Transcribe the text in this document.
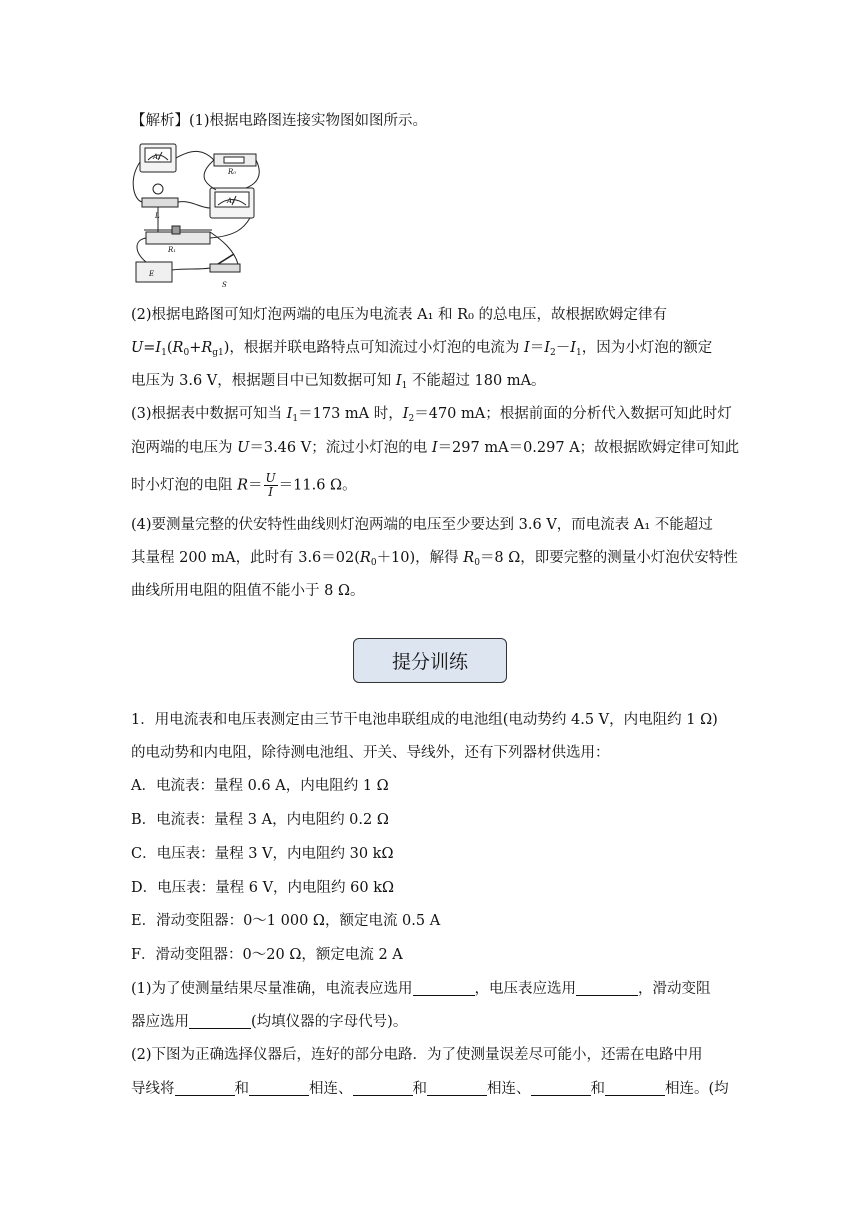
【解析】(1)根据电路图连接实物图如图所示。
A₁
R₀
A₂
L
R₁
E
S
(2)根据电路图可知灯泡两端的电压为电流表 A₁ 和 R₀ 的总电压，故根据欧姆定律有
$U=I_1(R_0+R_{g1})$，根据并联电路特点可知流过小灯泡的电流为 $I=I_2-I_1$，因为小灯泡的额定
电压为 3.6 V，根据题目中已知数据可知 $I_1$ 不能超过 180 mA。
(3)根据表中数据可知当 $I_1=173$ mA 时，$I_2=470$ mA；根据前面的分析代入数据可知此时灯
泡两端的电压为 U＝3.46 V；流过小灯泡的电 I＝297 mA＝0.297 A；故根据欧姆定律可知此
时小灯泡的电阻 $R= \frac{U}{I} =11.6$ Ω。
(4)要测量完整的伏安特性曲线则灯泡两端的电压至少要达到 3.6 V，而电流表 A₁ 不能超过
其量程 200 mA，此时有 $3.6=02(R_0+10)$，解得 $R_0=8$ Ω，即要完整的测量小灯泡伏安特性
曲线所用电阻的阻值不能小于 8 Ω。
提分训练
1．用电流表和电压表测定由三节干电池串联组成的电池组(电动势约 4.5 V，内电阻约 1 Ω)
的电动势和内电阻，除待测电池组、开关、导线外，还有下列器材供选用：
A．电流表：量程 0.6 A，内电阻约 1 Ω
B．电流表：量程 3 A，内电阻约 0.2 Ω
C．电压表：量程 3 V，内电阻约 30 kΩ
D．电压表：量程 6 V，内电阻约 60 kΩ
E．滑动变阻器：0～1 000 Ω，额定电流 0.5 A
F．滑动变阻器：0～20 Ω，额定电流 2 A
(1)为了使测量结果尽量准确，电流表应选用	，电压表应选用	，滑动变阻
器应选用	(均填仪器的字母代号)。
(2)下图为正确选择仪器后，连好的部分电路．为了使测量误差尽可能小，还需在电路中用
导线将	和	相连、	和	相连、	和	相连。(均
